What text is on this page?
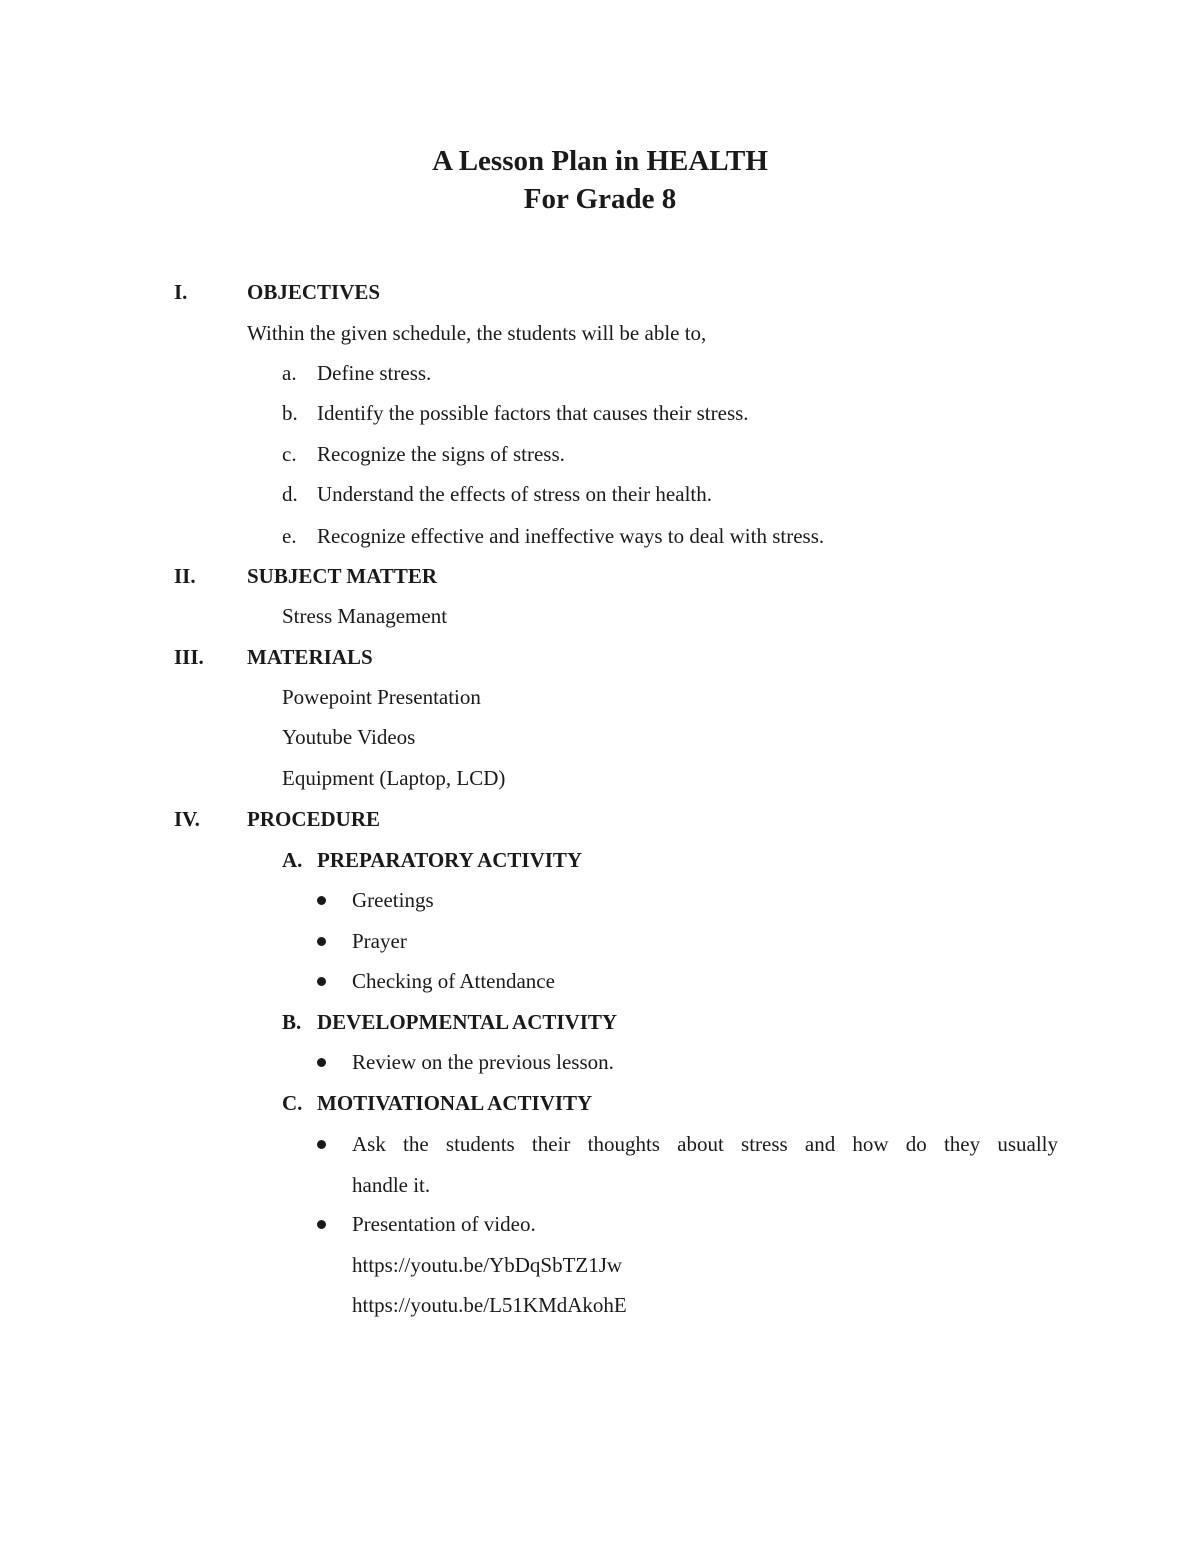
A Lesson Plan in HEALTH
For Grade 8
I.	OBJECTIVES
Within the given schedule, the students will be able to,
a. Define stress.
b. Identify the possible factors that causes their stress.
c. Recognize the signs of stress.
d. Understand the effects of stress on their health.
e. Recognize effective and ineffective ways to deal with stress.
II. SUBJECT MATTER
Stress Management
III. MATERIALS
Powepoint Presentation
Youtube Videos
Equipment (Laptop, LCD)
IV. PROCEDURE
A. PREPARATORY ACTIVITY
Greetings
Prayer
Checking of Attendance
B. DEVELOPMENTAL ACTIVITY
Review on the previous lesson.
C. MOTIVATIONAL ACTIVITY
Ask the students their thoughts about stress and how do they usually
handle it.
Presentation of video.
https://youtu.be/YbDqSbTZ1Jw
https://youtu.be/L51KMdAkohE
